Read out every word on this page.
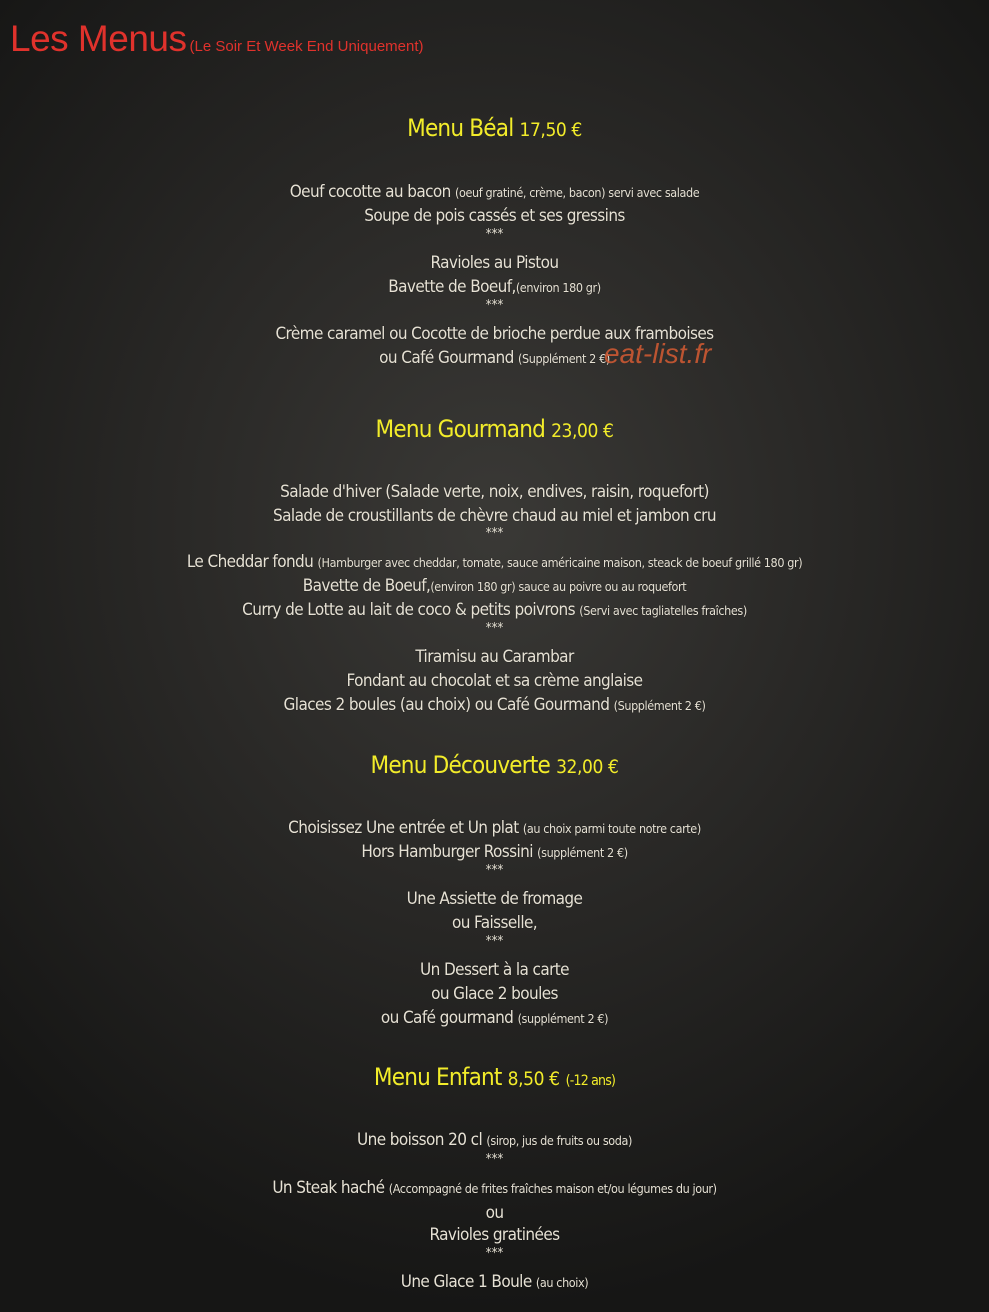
Les Menus (Le Soir Et Week End Uniquement)
Menu Béal 17,50 €
Oeuf cocotte au bacon (oeuf gratiné, crème, bacon) servi avec salade
Soupe de pois cassés et ses gressins
***
Ravioles au Pistou
Bavette de Boeuf,(environ 180 gr)
***
Crème caramel ou Cocotte de brioche perdue aux framboises
ou Café Gourmand (Supplément 2 €)
eat-list.fr
Menu Gourmand 23,00 €
Salade d'hiver (Salade verte, noix, endives, raisin, roquefort)
Salade de croustillants de chèvre chaud au miel et jambon cru
***
Le Cheddar fondu (Hamburger avec cheddar, tomate, sauce américaine maison, steack de boeuf grillé 180 gr)
Bavette de Boeuf,(environ 180 gr) sauce au poivre ou au roquefort
Curry de Lotte au lait de coco & petits poivrons (Servi avec tagliatelles fraîches)
***
Tiramisu au Carambar
Fondant au chocolat et sa crème anglaise
Glaces 2 boules (au choix) ou Café Gourmand (Supplément 2 €)
Menu Découverte 32,00 €
Choisissez Une entrée et Un plat (au choix parmi toute notre carte)
Hors Hamburger Rossini (supplément 2 €)
***
Une Assiette de fromage
ou Faisselle,
***
Un Dessert à la carte
ou Glace 2 boules
ou Café gourmand (supplément 2 €)
Menu Enfant 8,50 € (-12 ans)
Une boisson 20 cl (sirop, jus de fruits ou soda)
***
Un Steak haché (Accompagné de frites fraîches maison et/ou légumes du jour)
ou
Ravioles gratinées
***
Une Glace 1 Boule (au choix)
